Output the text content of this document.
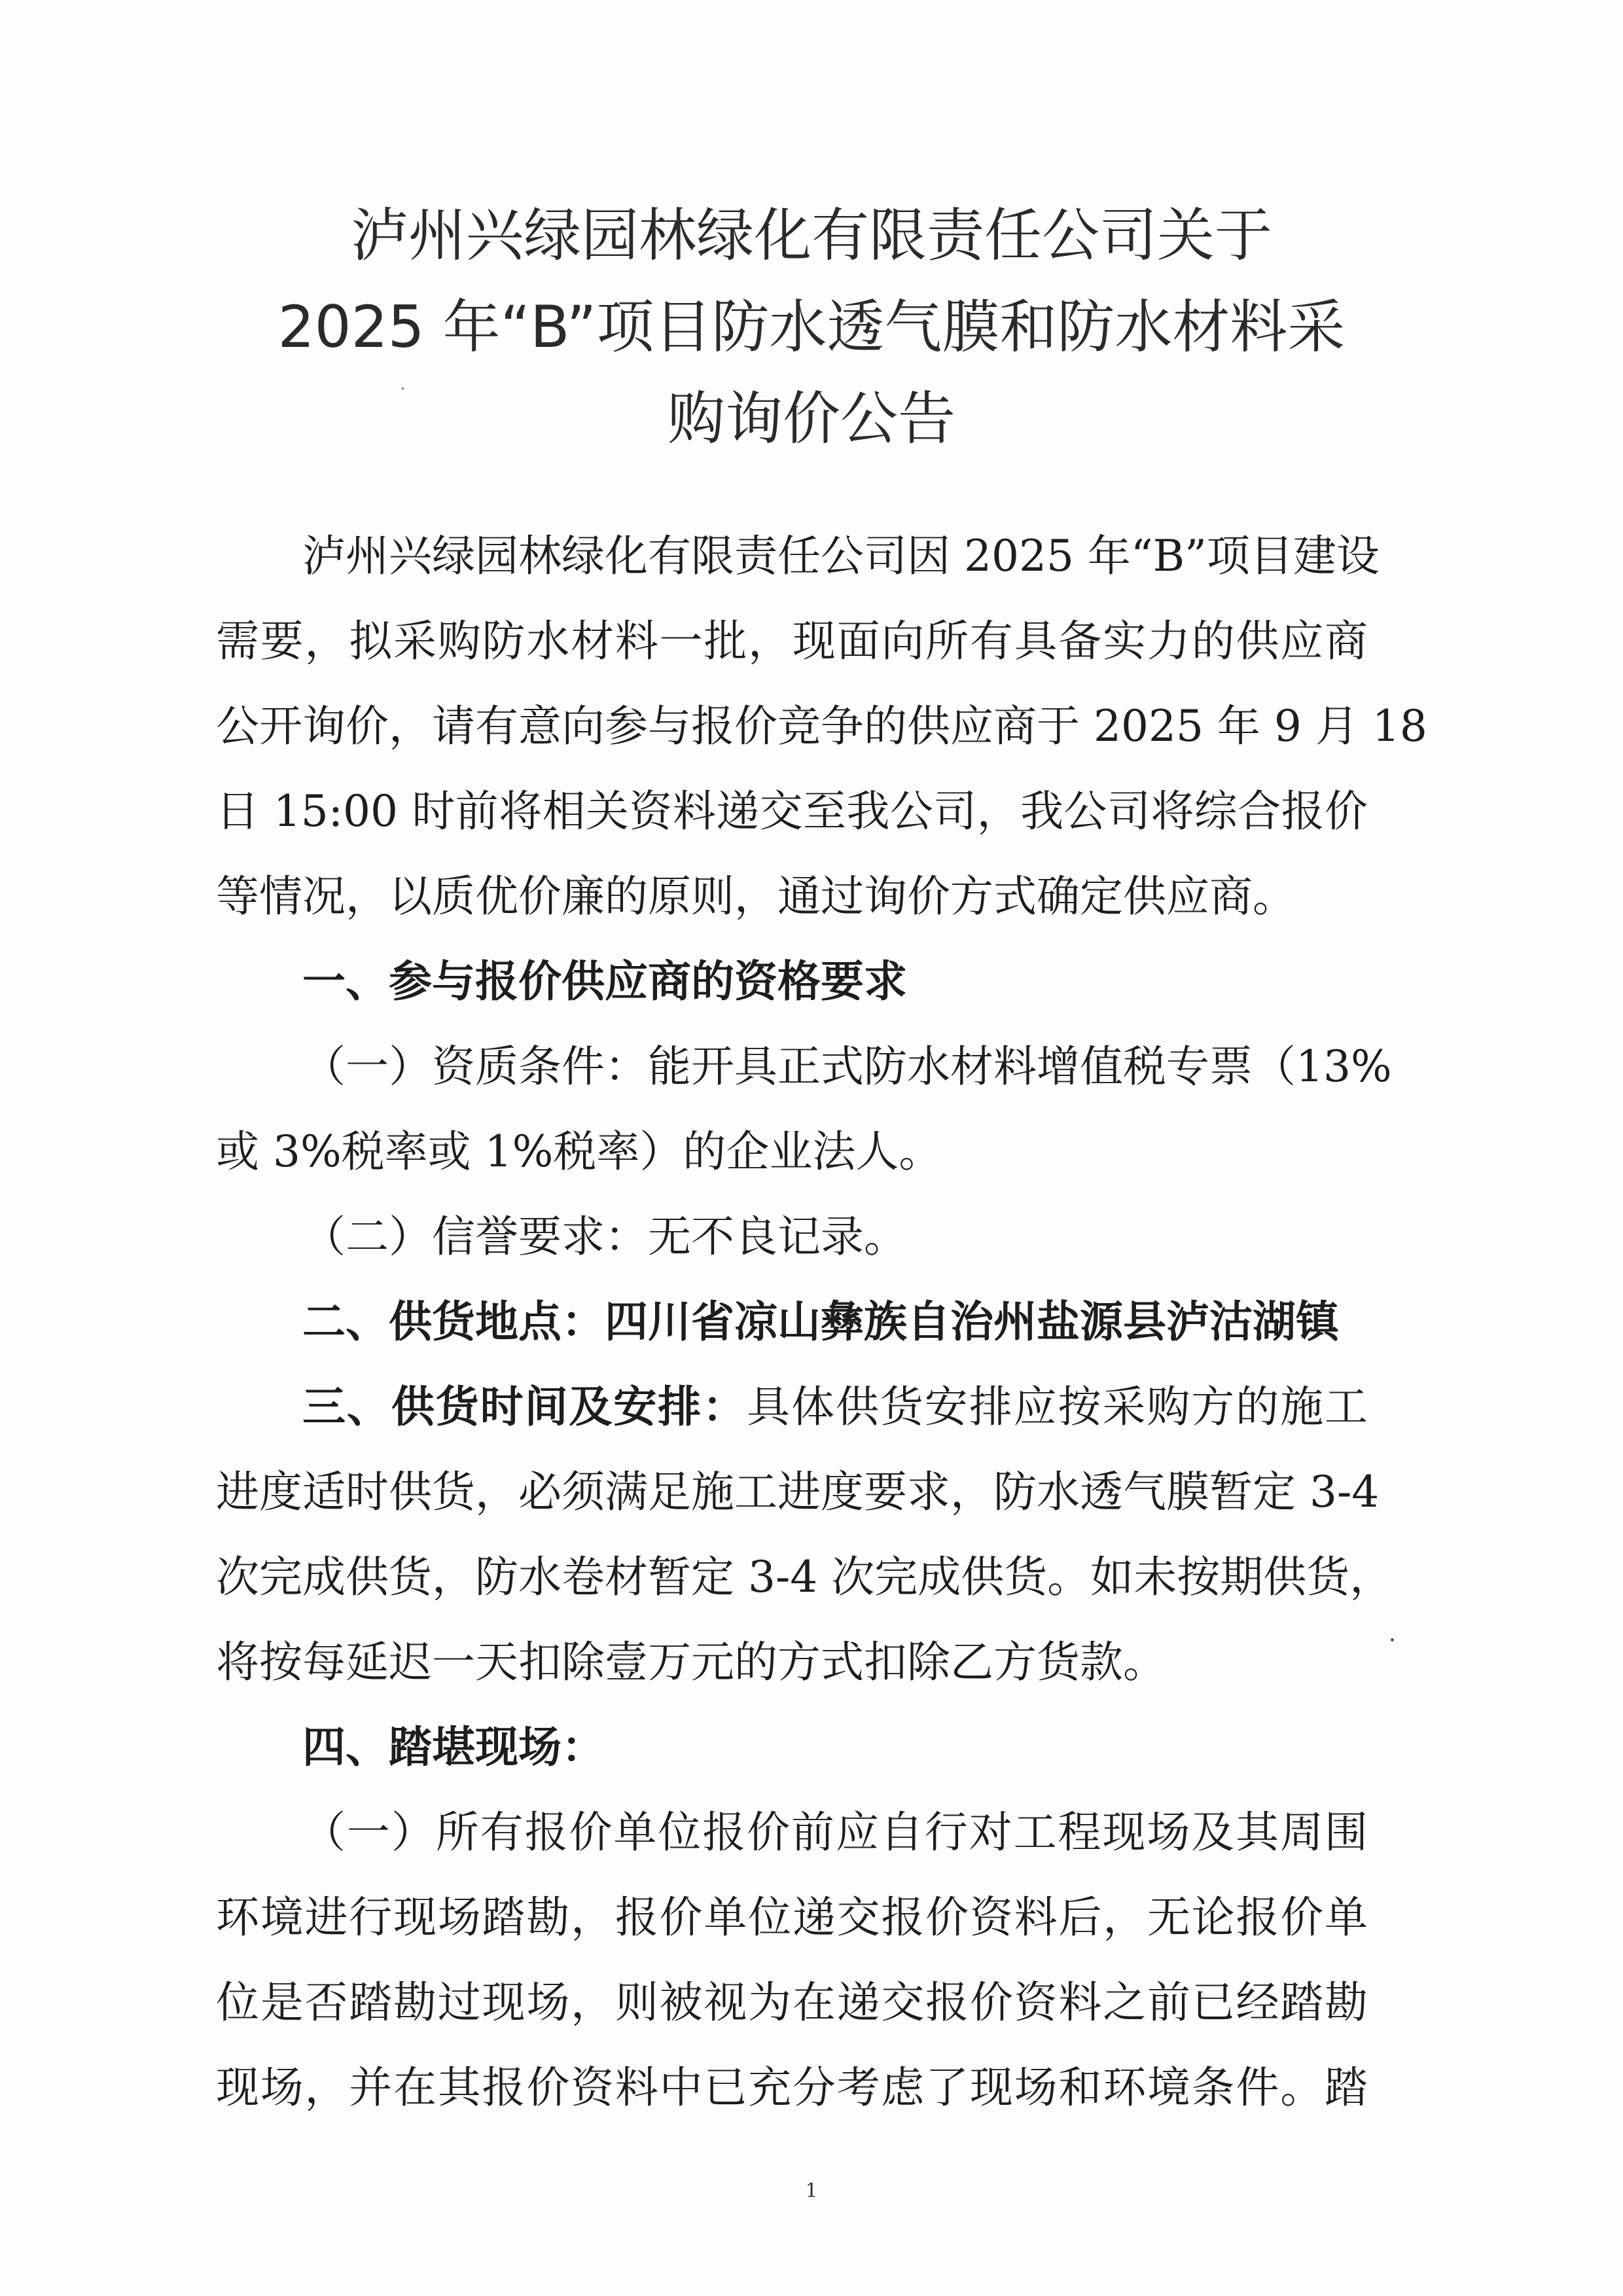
泸州兴绿园林绿化有限责任公司关于
2025 年“B”项目防水透气膜和防水材料采
购询价公告
泸州兴绿园林绿化有限责任公司因 2025 年“B”项目建设
需要，拟采购防水材料一批，现面向所有具备实力的供应商
公开询价，请有意向参与报价竞争的供应商于 2025 年 9 月 18
日 15:00 时前将相关资料递交至我公司，我公司将综合报价
等情况，以质优价廉的原则，通过询价方式确定供应商。
一、参与报价供应商的资格要求
（一）资质条件：能开具正式防水材料增值税专票（13%
或 3%税率或 1%税率）的企业法人。
（二）信誉要求：无不良记录。
二、供货地点：四川省凉山彝族自治州盐源县泸沽湖镇
三、供货时间及安排：具体供货安排应按采购方的施工
进度适时供货，必须满足施工进度要求，防水透气膜暂定 3-4
次完成供货，防水卷材暂定 3-4 次完成供货。如未按期供货，
将按每延迟一天扣除壹万元的方式扣除乙方货款。
四、踏堪现场：
（一）所有报价单位报价前应自行对工程现场及其周围
环境进行现场踏勘，报价单位递交报价资料后，无论报价单
位是否踏勘过现场，则被视为在递交报价资料之前已经踏勘
现场，并在其报价资料中已充分考虑了现场和环境条件。踏
1
